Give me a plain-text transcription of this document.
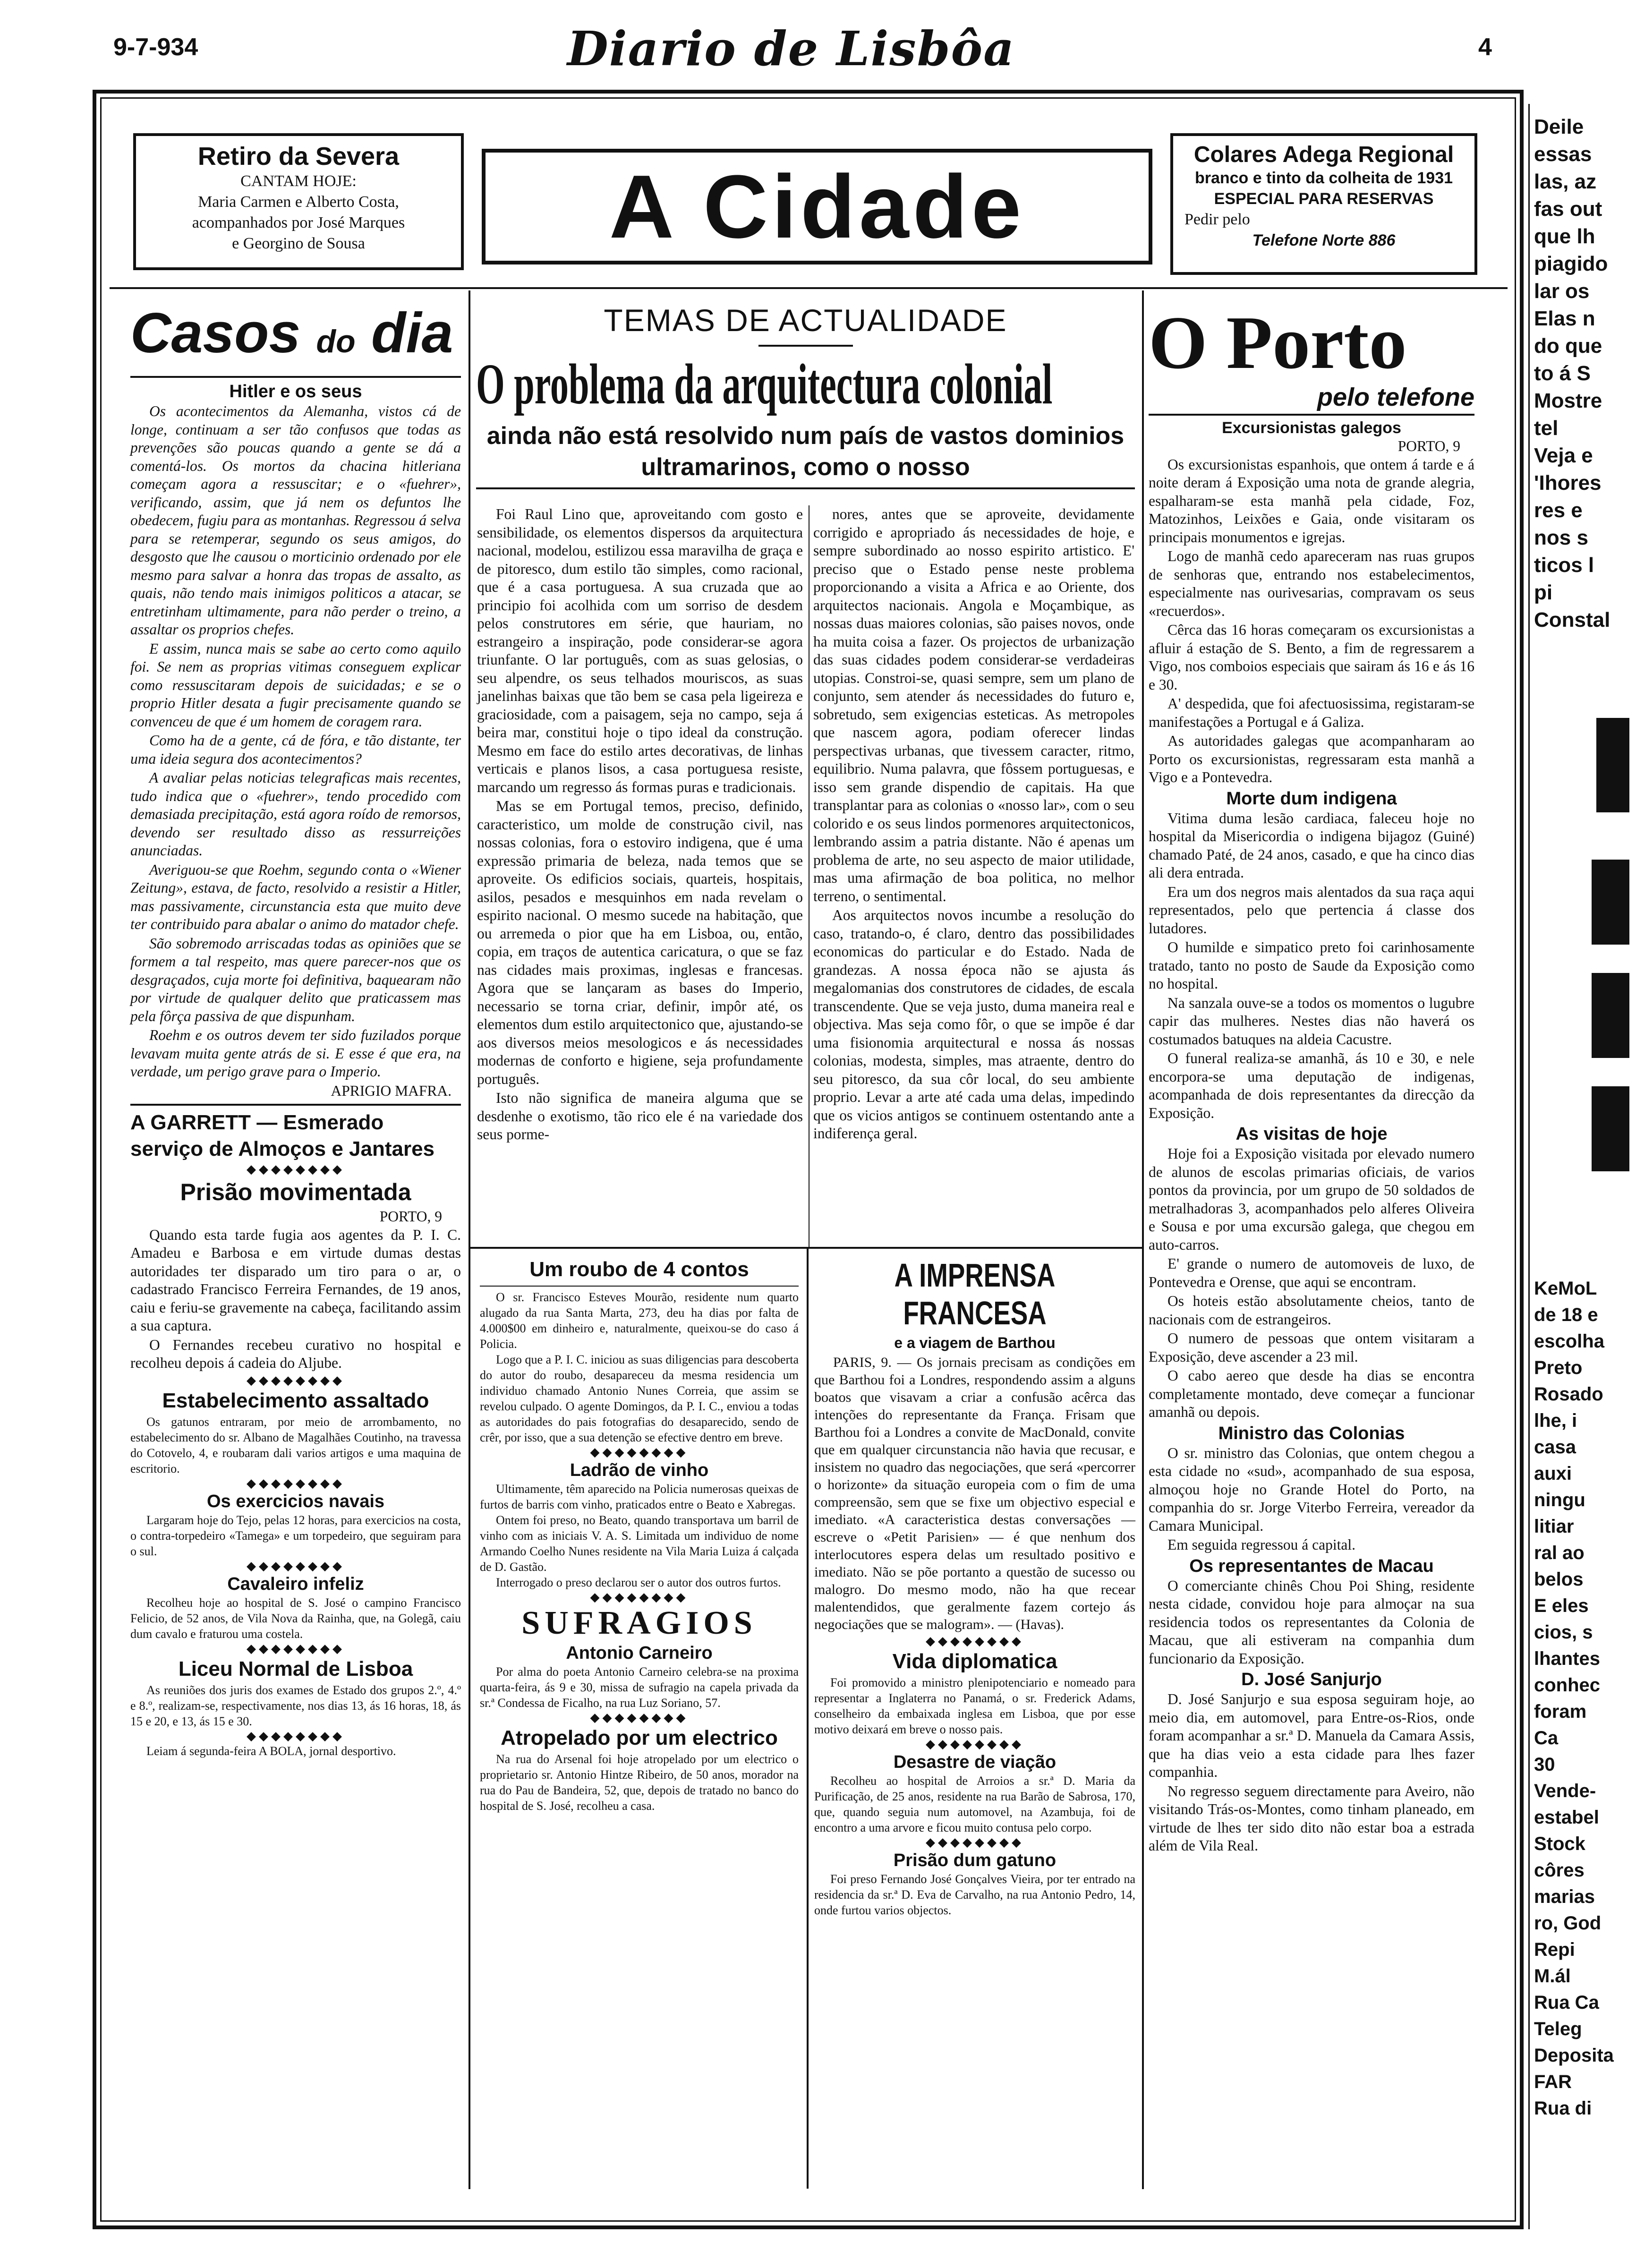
9-7-934	Diario de Lisbôa	4
Retiro da Severa
CANTAM HOJE:
Maria Carmen e Alberto Costa,
acompanhados por José Marques
e Georgino de Sousa	A Cidade
Colares Adega Regional
branco e tinto da colheita de 1931
ESPECIAL PARA RESERVAS
Pedir pelo
Telefone Norte 886
Casos do dia
Hitler e os seus

Os acontecimentos da Alemanha, vistos cá de longe, continuam a ser tão confusos que todas as prevenções são poucas quando a gente se dá a comentá-los. Os mortos da chacina hitleriana começam agora a ressuscitar; e o «fuehrer», verificando, assim, que já nem os defuntos lhe obedecem, fugiu para as montanhas. Regressou á selva para se retemperar, segundo os seus amigos, do desgosto que lhe causou o morticinio ordenado por ele mesmo para salvar a honra das tropas de assalto, as quais, não tendo mais inimigos politicos a atacar, se entretinham ultimamente, para não perder o treino, a assaltar os proprios chefes.

E assim, nunca mais se sabe ao certo como aquilo foi. Se nem as proprias vitimas conseguem explicar como ressuscitaram depois de suicidadas; e se o proprio Hitler desata a fugir precisamente quando se convenceu de que é um homem de coragem rara.

Como ha de a gente, cá de fóra, e tão distante, ter uma ideia segura dos acontecimentos?

A avaliar pelas noticias telegraficas mais recentes, tudo indica que o «fuehrer», tendo procedido com demasiada precipitação, está agora roído de remorsos, devendo ser resultado disso as ressurreições anunciadas.

Averiguou-se que Roehm, segundo conta o «Wiener Zeitung», estava, de facto, resolvido a resistir a Hitler, mas passivamente, circunstancia esta que muito deve ter contribuido para abalar o animo do matador chefe.

São sobremodo arriscadas todas as opiniões que se formem a tal respeito, mas quere parecer-nos que os desgraçados, cuja morte foi definitiva, baquearam não por virtude de qualquer delito que praticassem mas pela fôrça passiva de que dispunham.

Roehm e os outros devem ter sido fuzilados porque levavam muita gente atrás de si. E esse é que era, na verdade, um perigo grave para o Imperio.

APRIGIO MAFRA.
A GARRETT — Esmerado serviço de Almoços e Jantares
◆◆◆◆◆◆◆◆
Prisão movimentada
PORTO, 9

Quando esta tarde fugia aos agentes da P. I. C. Amadeu e Barbosa e em virtude dumas destas autoridades ter disparado um tiro para o ar, o cadastrado Francisco Ferreira Fernandes, de 19 anos, caiu e feriu-se gravemente na cabeça, facilitando assim a sua captura.

O Fernandes recebeu curativo no hospital e recolheu depois á cadeia do Aljube.

◆◆◆◆◆◆◆◆
Estabelecimento assaltado

Os gatunos entraram, por meio de arrombamento, no estabelecimento do sr. Albano de Magalhães Coutinho, na travessa do Cotovelo, 4, e roubaram dali varios artigos e uma maquina de escritorio.

◆◆◆◆◆◆◆◆
Os exercicios navais

Largaram hoje do Tejo, pelas 12 horas, para exercicios na costa, o contra-torpedeiro «Tamega» e um torpedeiro, que seguiram para o sul.

◆◆◆◆◆◆◆◆
Cavaleiro infeliz

Recolheu hoje ao hospital de S. José o campino Francisco Felicio, de 52 anos, de Vila Nova da Rainha, que, na Golegã, caiu dum cavalo e fraturou uma costela.

◆◆◆◆◆◆◆◆
Liceu Normal de Lisboa

As reuniões dos juris dos exames de Estado dos grupos 2.º, 4.º e 8.º, realizam-se, respectivamente, nos dias 13, ás 16 horas, 18, ás 15 e 20, e 13, ás 15 e 30.

◆◆◆◆◆◆◆◆

Leiam á segunda-feira A BOLA, jornal desportivo.

TEMAS DE ACTUALIDADE
O problema da arquitectura colonial
ainda não está resolvido num país de vastos dominios ultramarinos, como o nosso

Foi Raul Lino que, aproveitando com gosto e sensibilidade, os elementos dispersos da arquitectura nacional, modelou, estilizou essa maravilha de graça e de pitoresco, dum estilo tão simples, como racional, que é a casa portuguesa. A sua cruzada que ao principio foi acolhida com um sorriso de desdem pelos construtores em série, que hauriam, no estrangeiro a inspiração, pode considerar-se agora triunfante. O lar português, com as suas gelosias, o seu alpendre, os seus telhados mouriscos, as suas janelinhas baixas que tão bem se casa pela ligeireza e graciosidade, com a paisagem, seja no campo, seja á beira mar, constitui hoje o tipo ideal da construção. Mesmo em face do estilo artes decorativas, de linhas verticais e planos lisos, a casa portuguesa resiste, marcando um regresso ás formas puras e tradicionais.

Mas se em Portugal temos, preciso, definido, caracteristico, um molde de construção civil, nas nossas colonias, fora o estoviro indigena, que é uma expressão primaria de beleza, nada temos que se aproveite. Os edificios sociais, quarteis, hospitais, asilos, pesados e mesquinhos em nada revelam o espirito nacional. O mesmo sucede na habitação, que ou arremeda o pior que ha em Lisboa, ou, então, copia, em traços de autentica caricatura, o que se faz nas cidades mais proximas, inglesas e francesas. Agora que se lançaram as bases do Imperio, necessario se torna criar, definir, impôr até, os elementos dum estilo arquitectonico que, ajustando-se aos diversos meios mesologicos e ás necessidades modernas de conforto e higiene, seja profundamente português.

Isto não significa de maneira alguma que se desdenhe o exotismo, tão rico ele é na variedade dos seus porme-

nores, antes que se aproveite, devidamente corrigido e apropriado ás necessidades de hoje, e sempre subordinado ao nosso espirito artistico. E' preciso que o Estado pense neste problema proporcionando a visita a Africa e ao Oriente, dos arquitectos nacionais. Angola e Moçambique, as nossas duas maiores colonias, são paises novos, onde ha muita coisa a fazer. Os projectos de urbanização das suas cidades podem considerar-se verdadeiras utopias. Constroi-se, quasi sempre, sem um plano de conjunto, sem atender ás necessidades do futuro e, sobretudo, sem exigencias esteticas. As metropoles que nascem agora, podiam oferecer lindas perspectivas urbanas, que tivessem caracter, ritmo, equilibrio. Numa palavra, que fôssem portuguesas, e isso sem grande dispendio de capitais. Ha que transplantar para as colonias o «nosso lar», com o seu colorido e os seus lindos pormenores arquitectonicos, lembrando assim a patria distante. Não é apenas um problema de arte, no seu aspecto de maior utilidade, mas uma afirmação de boa politica, no melhor terreno, o sentimental.

Aos arquitectos novos incumbe a resolução do caso, tratando-o, é claro, dentro das possibilidades economicas do particular e do Estado. Nada de grandezas. A nossa época não se ajusta ás megalomanias dos construtores de cidades, de escala transcendente. Que se veja justo, duma maneira real e objectiva. Mas seja como fôr, o que se impõe é dar uma fisionomia arquitectural e nossa ás nossas colonias, modesta, simples, mas atraente, dentro do seu pitoresco, da sua côr local, do seu ambiente proprio. Levar a arte até cada uma delas, impedindo que os vicios antigos se continuem ostentando ante a indiferença geral.

Um roubo de 4 contos

O sr. Francisco Esteves Mourão, residente num quarto alugado da rua Santa Marta, 273, deu ha dias por falta de 4.000$00 em dinheiro e, naturalmente, queixou-se do caso á Policia.

Logo que a P. I. C. iniciou as suas diligencias para descoberta do autor do roubo, desapareceu da mesma residencia um individuo chamado Antonio Nunes Correia, que assim se revelou culpado. O agente Domingos, da P. I. C., enviou a todas as autoridades do pais fotografias do desaparecido, sendo de crêr, por isso, que a sua detenção se efective dentro em breve.

◆◆◆◆◆◆◆◆
Ladrão de vinho

Ultimamente, têm aparecido na Policia numerosas queixas de furtos de barris com vinho, praticados entre o Beato e Xabregas.

Ontem foi preso, no Beato, quando transportava um barril de vinho com as iniciais V. A. S. Limitada um individuo de nome Armando Coelho Nunes residente na Vila Maria Luiza á calçada de D. Gastão.

Interrogado o preso declarou ser o autor dos outros furtos.

◆◆◆◆◆◆◆◆
SUFRAGIOS
Antonio Carneiro

Por alma do poeta Antonio Carneiro celebra-se na proxima quarta-feira, ás 9 e 30, missa de sufragio na capela privada da sr.ª Condessa de Ficalho, na rua Luz Soriano, 57.

◆◆◆◆◆◆◆◆
Atropelado por um electrico

Na rua do Arsenal foi hoje atropelado por um electrico o proprietario sr. Antonio Hintze Ribeiro, de 50 anos, morador na rua do Pau de Bandeira, 52, que, depois de tratado no banco do hospital de S. José, recolheu a casa.

A IMPRENSA FRANCESA
e a viagem de Barthou

PARIS, 9. — Os jornais precisam as condições em que Barthou foi a Londres, respondendo assim a alguns boatos que visavam a criar a confusão acêrca das intenções do representante da França. Frisam que Barthou foi a Londres a convite de MacDonald, convite que em qualquer circunstancia não havia que recusar, e insistem no quadro das negociações, que será «percorrer o horizonte» da situação europeia com o fim de uma compreensão, sem que se fixe um objectivo especial e imediato. «A caracteristica destas conversações — escreve o «Petit Parisien» — é que nenhum dos interlocutores espera delas um resultado positivo e imediato. Não se põe portanto a questão de sucesso ou malogro. Do mesmo modo, não ha que recear malentendidos, que geralmente fazem cortejo ás negociações que se malogram». — (Havas).

◆◆◆◆◆◆◆◆
Vida diplomatica

Foi promovido a ministro plenipotenciario e nomeado para representar a Inglaterra no Panamá, o sr. Frederick Adams, conselheiro da embaixada inglesa em Lisboa, que por esse motivo deixará em breve o nosso pais.

◆◆◆◆◆◆◆◆
Desastre de viação

Recolheu ao hospital de Arroios a sr.ª D. Maria da Purificação, de 25 anos, residente na rua Barão de Sabrosa, 170, que, quando seguia num automovel, na Azambuja, foi de encontro a uma arvore e ficou muito contusa pelo corpo.

◆◆◆◆◆◆◆◆
Prisão dum gatuno

Foi preso Fernando José Gonçalves Vieira, por ter entrado na residencia da sr.ª D. Eva de Carvalho, na rua Antonio Pedro, 14, onde furtou varios objectos.

O Porto
pelo telefone
Excursionistas galegos
PORTO, 9

Os excursionistas espanhois, que ontem á tarde e á noite deram á Exposição uma nota de grande alegria, espalharam-se esta manhã pela cidade, Foz, Matozinhos, Leixões e Gaia, onde visitaram os principais monumentos e igrejas.

Logo de manhã cedo apareceram nas ruas grupos de senhoras que, entrando nos estabelecimentos, especialmente nas ourivesarias, compravam os seus «recuerdos».

Cêrca das 16 horas começaram os excursionistas a afluir á estação de S. Bento, a fim de regressarem a Vigo, nos comboios especiais que sairam ás 16 e ás 16 e 30.

A' despedida, que foi afectuosissima, registaram-se manifestações a Portugal e á Galiza.

As autoridades galegas que acompanharam ao Porto os excursionistas, regressaram esta manhã a Vigo e a Pontevedra.

Morte dum indigena

Vitima duma lesão cardiaca, faleceu hoje no hospital da Misericordia o indigena bijagoz (Guiné) chamado Paté, de 24 anos, casado, e que ha cinco dias ali dera entrada.

Era um dos negros mais alentados da sua raça aqui representados, pelo que pertencia á classe dos lutadores.

O humilde e simpatico preto foi carinhosamente tratado, tanto no posto de Saude da Exposição como no hospital.

Na sanzala ouve-se a todos os momentos o lugubre capir das mulheres. Nestes dias não haverá os costumados batuques na aldeia Cacustre.

O funeral realiza-se amanhã, ás 10 e 30, e nele encorpora-se uma deputação de indigenas, acompanhada de dois representantes da direcção da Exposição.

As visitas de hoje

Hoje foi a Exposição visitada por elevado numero de alunos de escolas primarias oficiais, de varios pontos da provincia, por um grupo de 50 soldados de metralhadoras 3, acompanhados pelo alferes Oliveira e Sousa e por uma excursão galega, que chegou em auto-carros.

E' grande o numero de automoveis de luxo, de Pontevedra e Orense, que aqui se encontram.

Os hoteis estão absolutamente cheios, tanto de nacionais com de estrangeiros.

O numero de pessoas que ontem visitaram a Exposição, deve ascender a 23 mil.

O cabo aereo que desde ha dias se encontra completamente montado, deve começar a funcionar amanhã ou depois.

Ministro das Colonias

O sr. ministro das Colonias, que ontem chegou a esta cidade no «sud», acompanhado de sua esposa, almoçou hoje no Grande Hotel do Porto, na companhia do sr. Jorge Viterbo Ferreira, vereador da Camara Municipal.

Em seguida regressou á capital.

Os representantes de Macau

O comerciante chinês Chou Poi Shing, residente nesta cidade, convidou hoje para almoçar na sua residencia todos os representantes da Colonia de Macau, que ali estiveram na companhia dum funcionario da Exposição.

D. José Sanjurjo

D. José Sanjurjo e sua esposa seguiram hoje, ao meio dia, em automovel, para Entre-os-Rios, onde foram acompanhar a sr.ª D. Manuela da Camara Assis, que ha dias veio a esta cidade para lhes fazer companhia.

No regresso seguem directamente para Aveiro, não visitando Trás-os-Montes, como tinham planeado, em virtude de lhes ter sido dito não estar boa a estrada além de Vila Real.

Deile
essas
las, az
fas out
que lh
piagido
lar os
Elas n
do que
to á S
Mostre
tel
Veja e
'Ihores
res e
nos s
ticos l
pi
Constal
KeMoL
de 18 e
escolha
Preto
Rosado
lhe, i
casa
auxi
ningu
litiar
ral ao
belos
E eles
cios, s
lhantes
conhec
foram
Ca
30
Vende-
estabel
Stock
côres
marias
ro, God
Repi
M.ál
Rua Ca
Teleg
Deposita
FAR
Rua di
